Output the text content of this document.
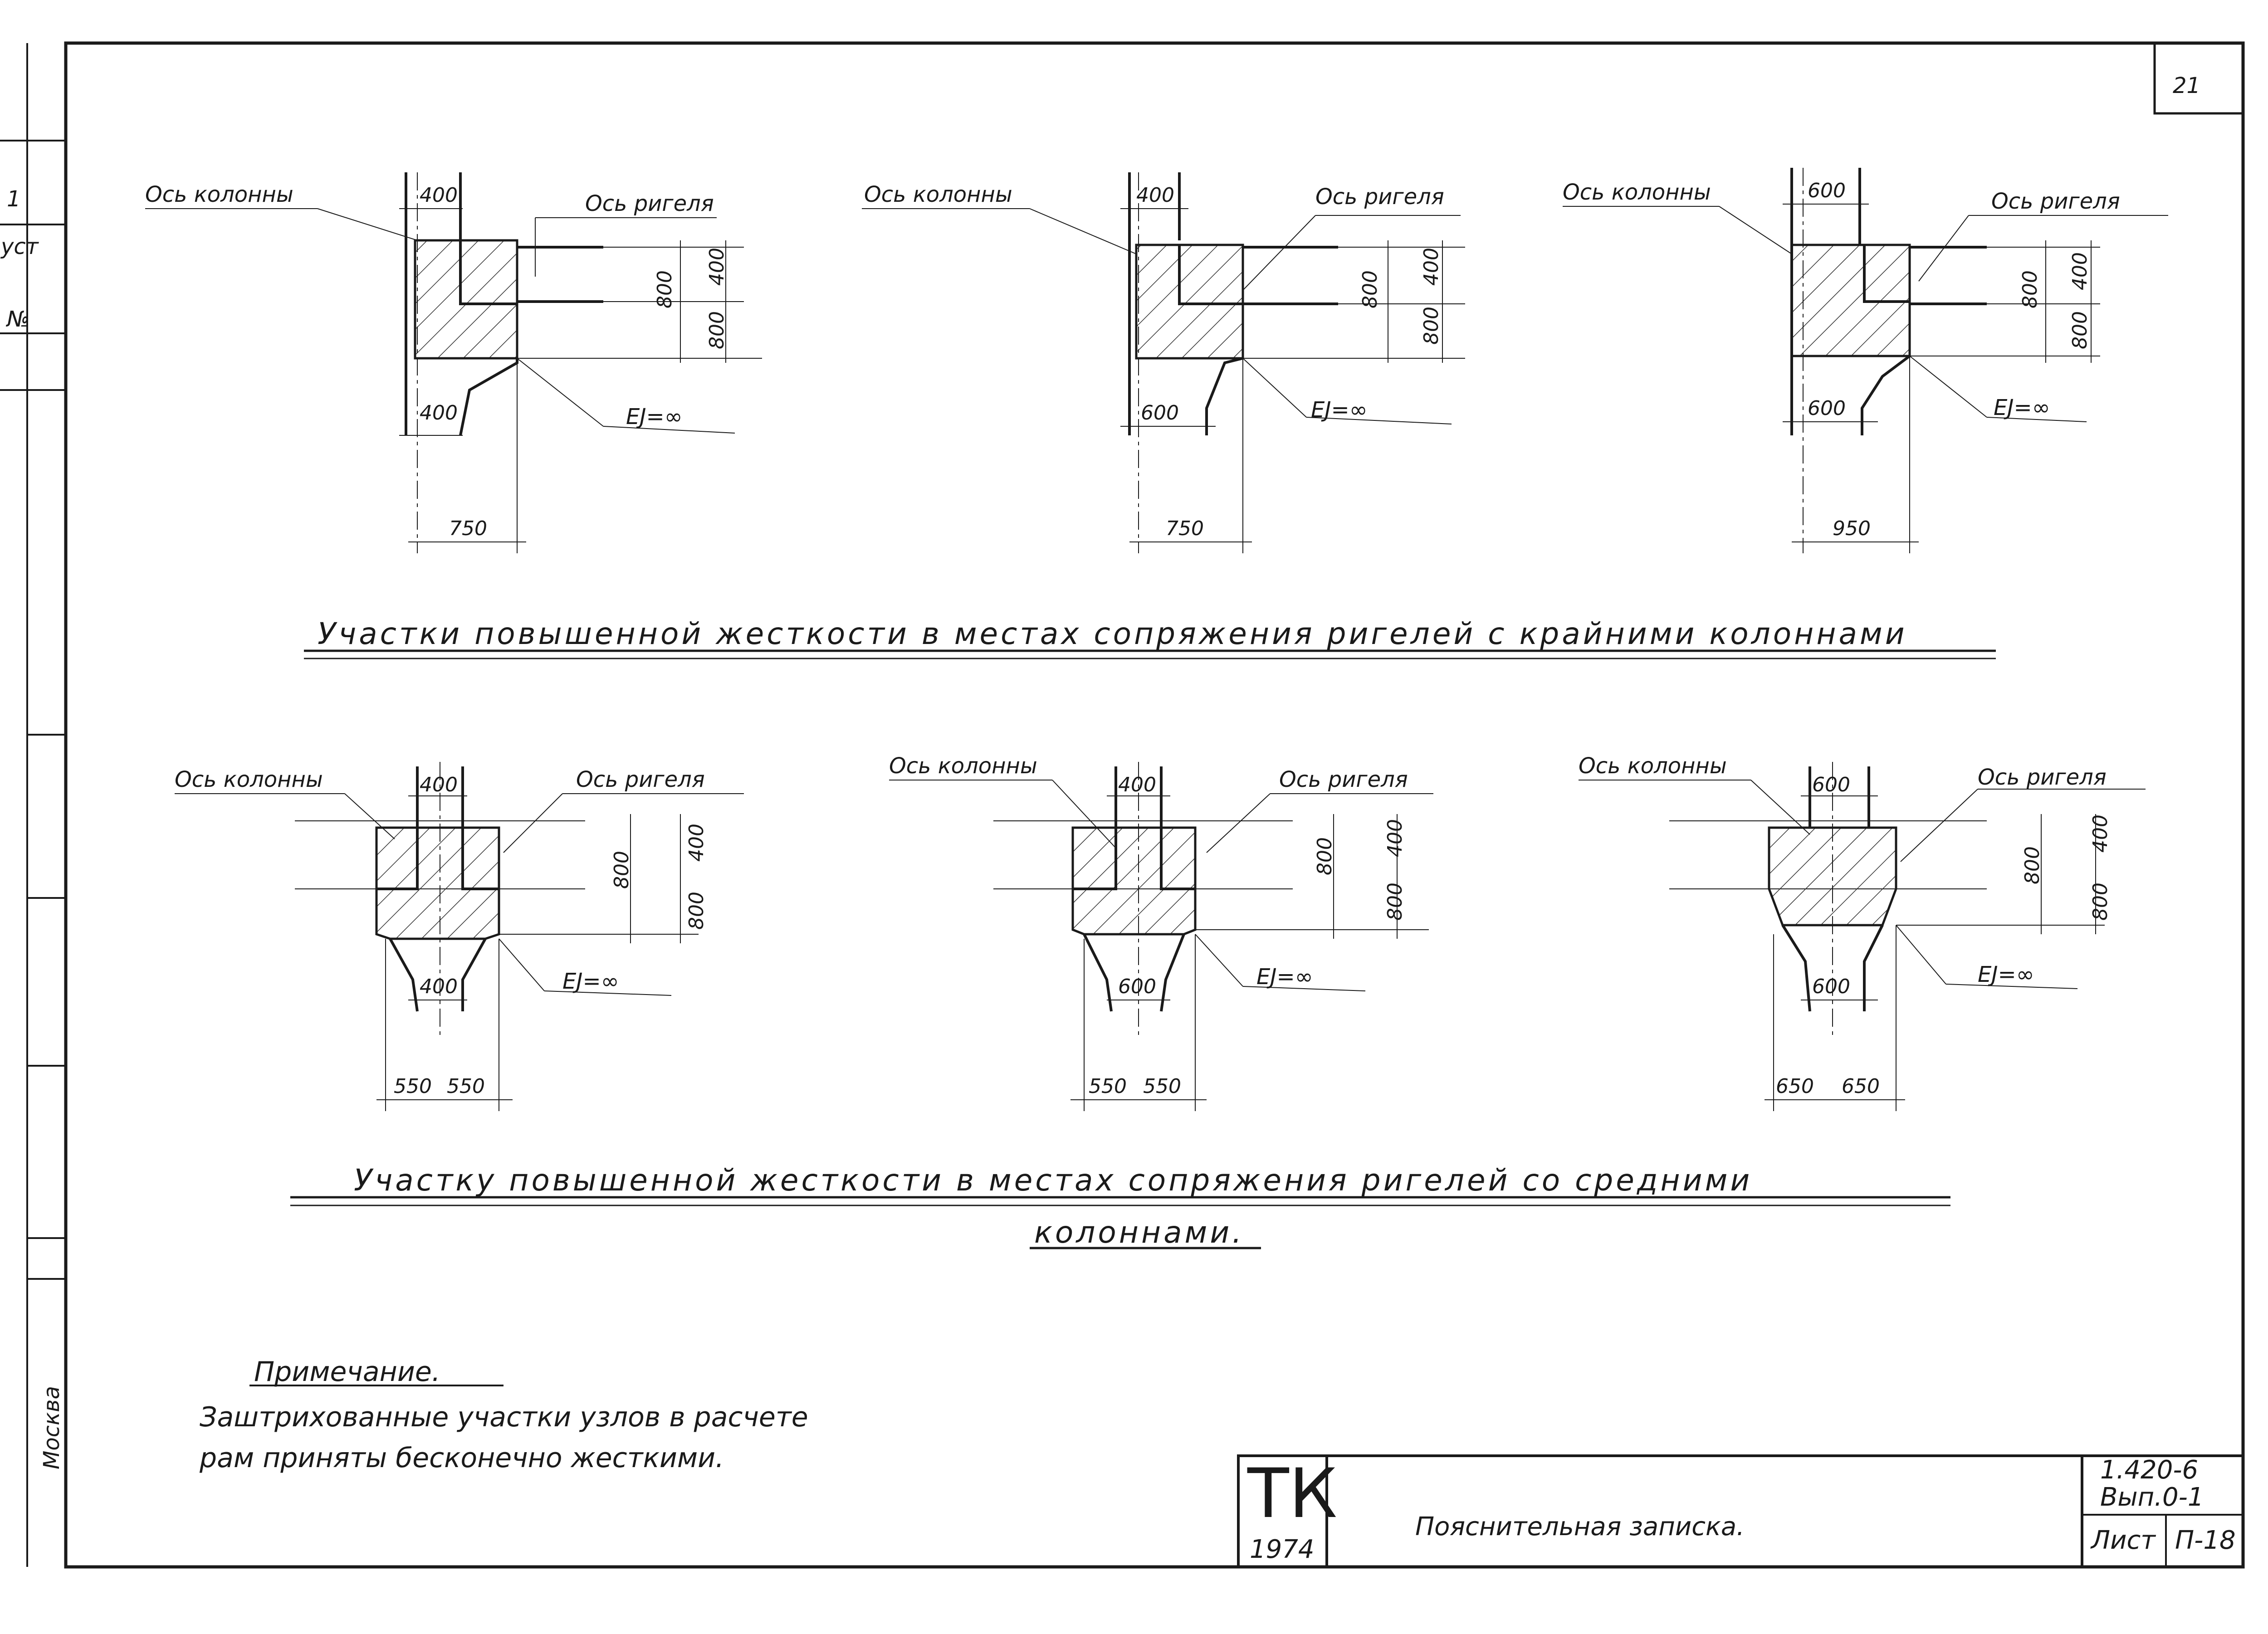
1
уст
№
Москва
21
Ось колонны	Ось ригеля
EJ=∞
400
400
750
800
400
800
Ось колонны	Ось ригеля
EJ=∞
400
600
750
800
400
800
Ось колонны	Ось ригеля
EJ=∞
600
600
950
800 400
800
Участки повышенной жесткости в местах сопряжения ригелей с крайними колоннами
Ось колонны	Ось ригеля
EJ=∞
400
400
550 550
800
400
800
Ось колонны
Ось ригеля
EJ=∞
400
600
550 550
800 400
800
Ось колонны	Ось ригеля
EJ=∞
600
600
650 650
800
400
800
Участку повышенной жесткости в местах сопряжения ригелей со средними
колоннами.
Примечание.
Заштрихованные участки узлов в расчете
рам приняты бесконечно жесткими.	ТК
1974
Пояснительная записка.
1.420-6
Вып.0-1
Лист П-18
